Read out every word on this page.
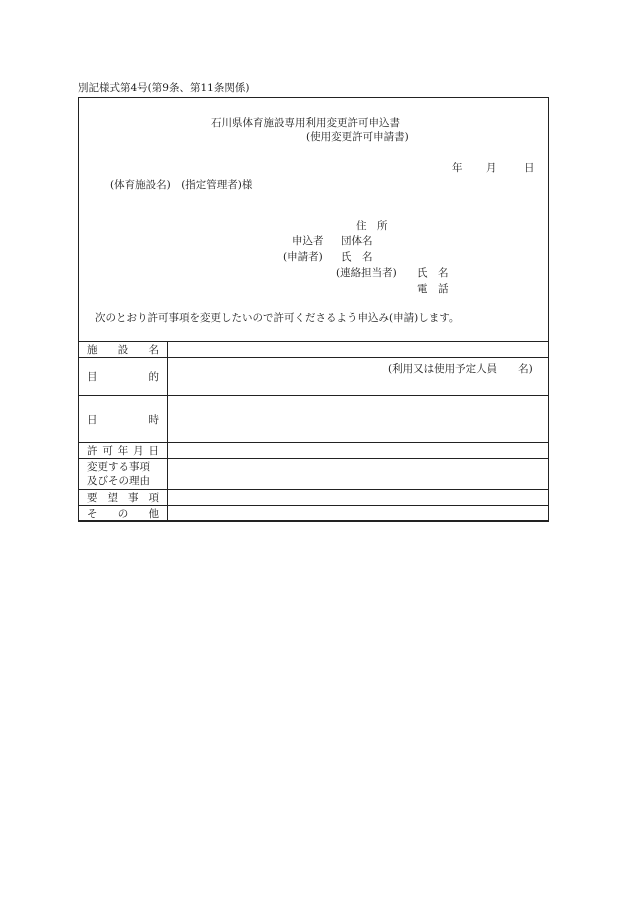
別記様式第4号(第9条、第11条関係)
石川県体育施設専用利用変更許可申込書
(使用変更許可申請書)
年 月	日
(体育施設名)　(指定管理者)様
住　所
申込者 団体名
(申請者) 氏　名
(連絡担当者) 氏　名
電　話
次のとおり許可事項を変更したいので許可くださるよう申込み(申請)します。
施 設 名	

目 的	(利用又は使用予定人員　　名)

日 時	

許 可 年 月 日	

変更する事項
及びその理由	

要 望 事 項	

そ の 他	
